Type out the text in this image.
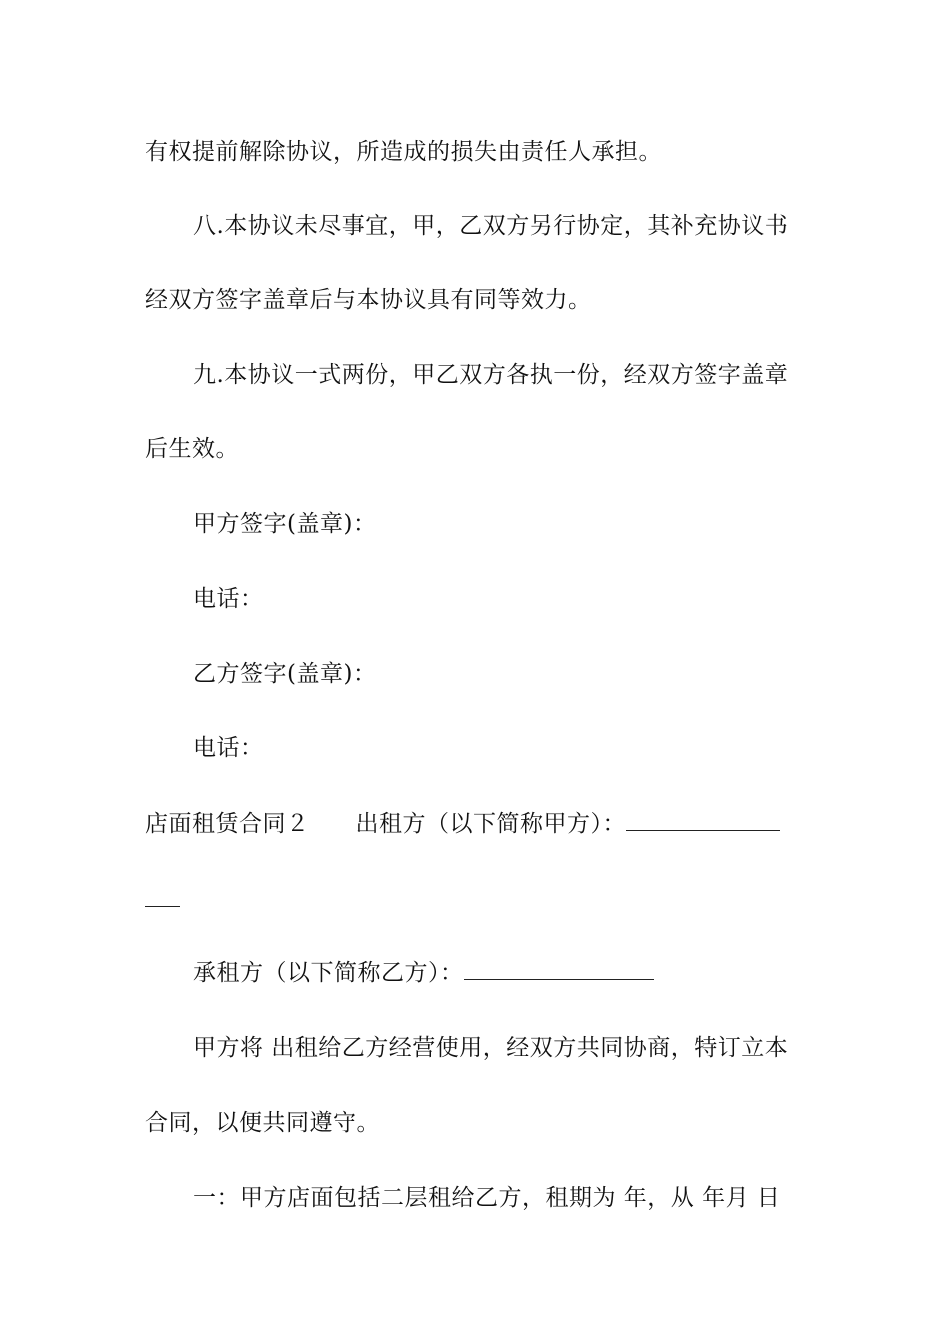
有权提前解除协议，所造成的损失由责任人承担。
八.本协议未尽事宜，甲，乙双方另行协定，其补充协议书
经双方签字盖章后与本协议具有同等效力。
九.本协议一式两份，甲乙双方各执一份，经双方签字盖章
后生效。
甲方签字(盖章)：
电话：
乙方签字(盖章)：
电话：
店面租赁合同２ 出租方（以下简称甲方）：
承租方（以下简称乙方）：
甲方将 出租给乙方经营使用，经双方共同协商，特订立本
合同，以便共同遵守。
一：甲方店面包括二层租给乙方，租期为 年，从 年月 日
